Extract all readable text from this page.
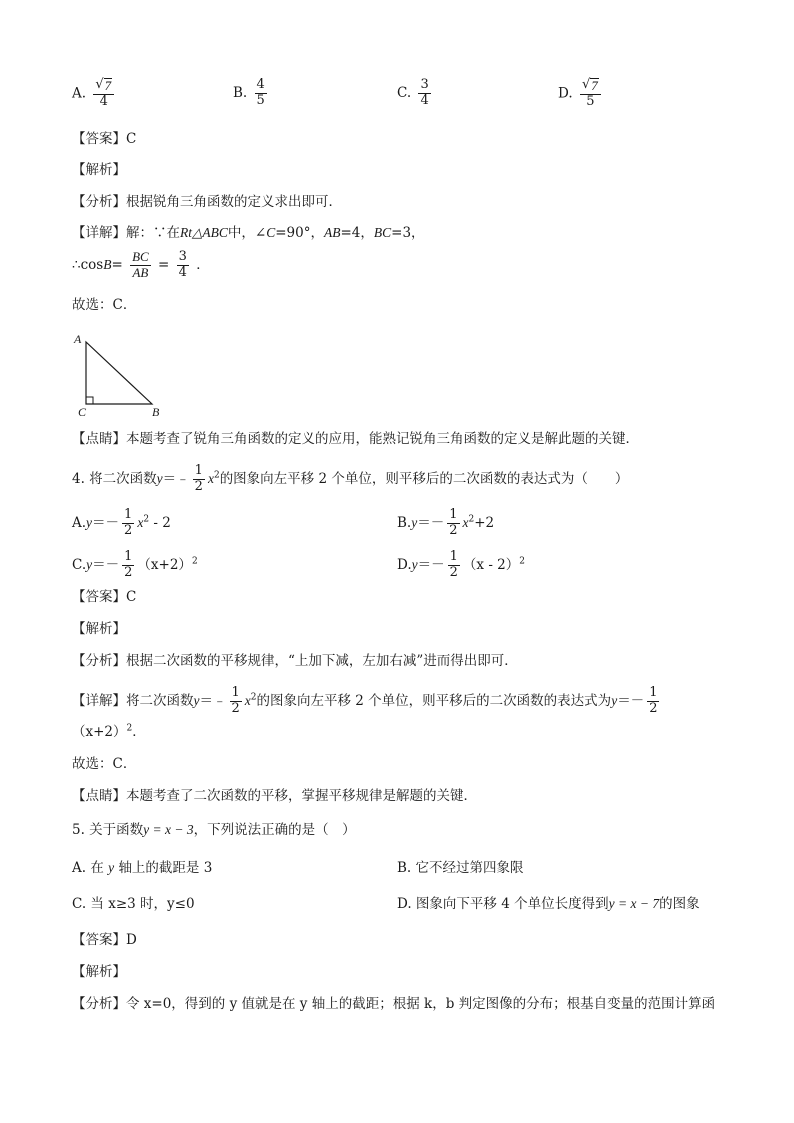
A. $\frac{√ 7}{4}$	B. $\frac{4}{5}$	C. $\frac{3}{4}$	D. $\frac{√ 7}{5}$
【答案】C
【解析】
【分析】根据锐角三角函数的定义求出即可．
【详解】解：∵在Rt△ABC中，∠C=90°，AB=4，BC=3，
∴cosB= $\frac{BC}{AB} = \frac{3}{4}$ ．
故选：C．
A
C	B
【点睛】本题考查了锐角三角函数的定义的应用，能熟记锐角三角函数的定义是解此题的关键．
4. 将二次函数y＝﹣ $\frac{1}{2} x^2$的图象向左平移 2 个单位，则平移后的二次函数的表达式为（　　）
$A.y=- \frac{1}{2} x^2 - 2$	$B.y=- \frac{1}{2} x^2+2$
$C.y=- \frac{1}{2} (x+2)^2$	$D.y=- \frac{1}{2} (x - 2)^2$
【答案】C
【解析】
【分析】根据二次函数的平移规律，“上加下减，左加右减”进而得出即可．
【详解】将二次函数y＝﹣ $\frac{1}{2} x^2$的图象向左平移 2 个单位，则平移后的二次函数的表达式为$y=- \frac{1}{2}$
$(x+2)^2$．
故选：C．
【点睛】本题考查了二次函数的平移，掌握平移规律是解题的关键．
5. 关于函数y = x − 3，下列说法正确的是（　）
A. 在 y 轴上的截距是 3	B. 它不经过第四象限
C. 当 x≥3 时，y≤0	D. 图象向下平移 4 个单位长度得到y = x − 7的图象
【答案】D
【解析】
【分析】令 x=0，得到的 y 值就是在 y 轴上的截距；根据 k，b 判定图像的分布；根基自变量的范围计算函
